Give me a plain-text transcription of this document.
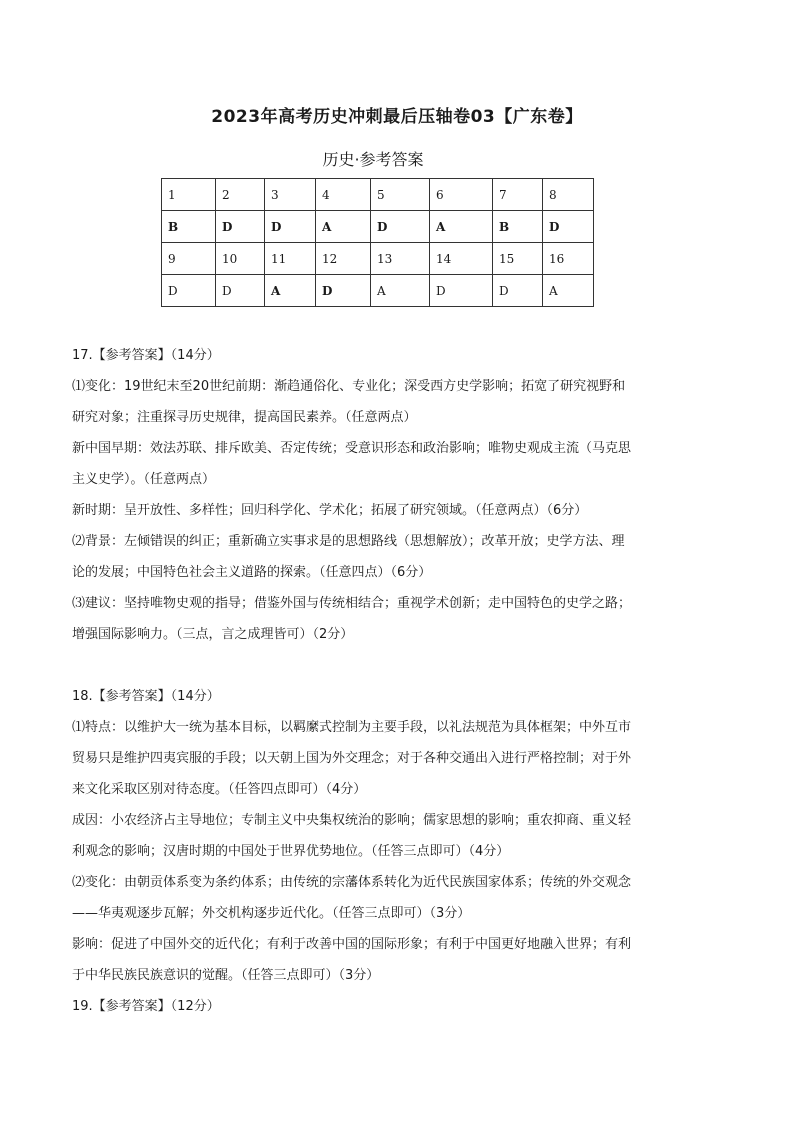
2023年高考历史冲刺最后压轴卷03【广东卷】
历史·参考答案
1	2	3	4	5	6	7	8
B	D	D	A	D	A	B	D
9	10	11	12	13	14	15	16
D	D	A	D	A	D	D	A
17.【参考答案】（14分）
⑴变化：19世纪末至20世纪前期：渐趋通俗化、专业化；深受西方史学影响；拓宽了研究视野和
研究对象；注重探寻历史规律，提高国民素养。（任意两点）
新中国早期：效法苏联、排斥欧美、否定传统；受意识形态和政治影响；唯物史观成主流（马克思
主义史学）。（任意两点）
新时期：呈开放性、多样性；回归科学化、学术化；拓展了研究领域。（任意两点）（6分）
⑵背景：左倾错误的纠正；重新确立实事求是的思想路线（思想解放）；改革开放；史学方法、理
论的发展；中国特色社会主义道路的探索。（任意四点）（6分）
⑶建议：坚持唯物史观的指导；借鉴外国与传统相结合；重视学术创新；走中国特色的史学之路；
增强国际影响力。（三点，言之成理皆可）（2分）
18.【参考答案】（14分）
⑴特点：以维护大一统为基本目标，以羁縻式控制为主要手段，以礼法规范为具体框架；中外互市
贸易只是维护四夷宾服的手段；以天朝上国为外交理念；对于各种交通出入进行严格控制；对于外
来文化采取区别对待态度。（任答四点即可）（4分）
成因：小农经济占主导地位；专制主义中央集权统治的影响；儒家思想的影响；重农抑商、重义轻
利观念的影响；汉唐时期的中国处于世界优势地位。（任答三点即可）（4分）
⑵变化：由朝贡体系变为条约体系；由传统的宗藩体系转化为近代民族国家体系；传统的外交观念
——华夷观逐步瓦解；外交机构逐步近代化。（任答三点即可）（3分）
影响：促进了中国外交的近代化；有利于改善中国的国际形象；有利于中国更好地融入世界；有利
于中华民族民族意识的觉醒。（任答三点即可）（3分）
19.【参考答案】（12分）
